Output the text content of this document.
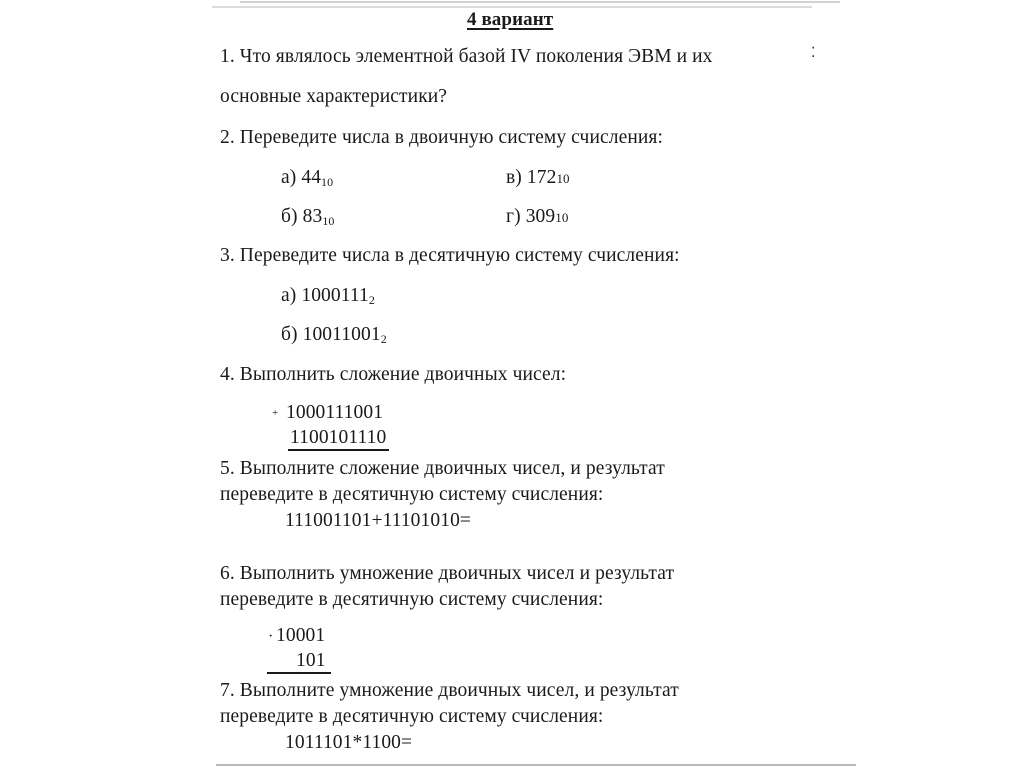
4 вариант
1. Что являлось элементной базой IV поколения ЭВМ и их	⁚
основные характеристики?
2. Переведите числа в двоичную систему счисления:
а) $44_{10}$	в) 17210
б) $83_{10}$	г) 30910
3. Переведите числа в десятичную систему счисления:
а) $1000111_2$
б) $10011001_2$
4. Выполнить сложение двоичных чисел:
+ 1000111001
1100101110
5. Выполните сложение двоичных чисел, и результат
переведите в десятичную систему счисления:
111001101+11101010=
6. Выполнить умножение двоичных чисел и результат
переведите в десятичную систему счисления:
· 10001
101
7. Выполните умножение двоичных чисел, и результат
переведите в десятичную систему счисления:
1011101*1100=
